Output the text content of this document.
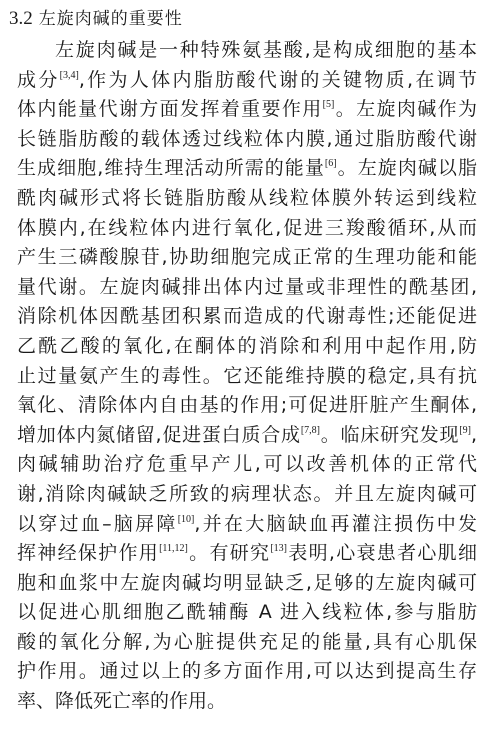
3.2 左旋肉碱的重要性
左旋肉碱是一种特殊氨基酸,是构成细胞的基本
成分[3,4],作为人体内脂肪酸代谢的关键物质,在调节
体内能量代谢方面发挥着重要作用[5]。左旋肉碱作为
长链脂肪酸的载体透过线粒体内膜,通过脂肪酸代谢
生成细胞,维持生理活动所需的能量[6]。左旋肉碱以脂
酰肉碱形式将长链脂肪酸从线粒体膜外转运到线粒
体膜内,在线粒体内进行氧化,促进三羧酸循环,从而
产生三磷酸腺苷,协助细胞完成正常的生理功能和能
量代谢。左旋肉碱排出体内过量或非理性的酰基团,
消除机体因酰基团积累而造成的代谢毒性;还能促进
乙酰乙酸的氧化,在酮体的消除和利用中起作用,防
止过量氨产生的毒性。它还能维持膜的稳定,具有抗
氧化、清除体内自由基的作用;可促进肝脏产生酮体,
增加体内氮储留,促进蛋白质合成[7,8]。临床研究发现[9],
肉碱辅助治疗危重早产儿,可以改善机体的正常代
谢,消除肉碱缺乏所致的病理状态。并且左旋肉碱可
以穿过血–脑屏障[10],并在大脑缺血再灌注损伤中发
挥神经保护作用[11,12]。有研究[13]表明,心衰患者心肌细
胞和血浆中左旋肉碱均明显缺乏,足够的左旋肉碱可
以促进心肌细胞乙酰辅酶 A 进入线粒体,参与脂肪
酸的氧化分解,为心脏提供充足的能量,具有心肌保
护作用。通过以上的多方面作用,可以达到提高生存
率、降低死亡率的作用。
